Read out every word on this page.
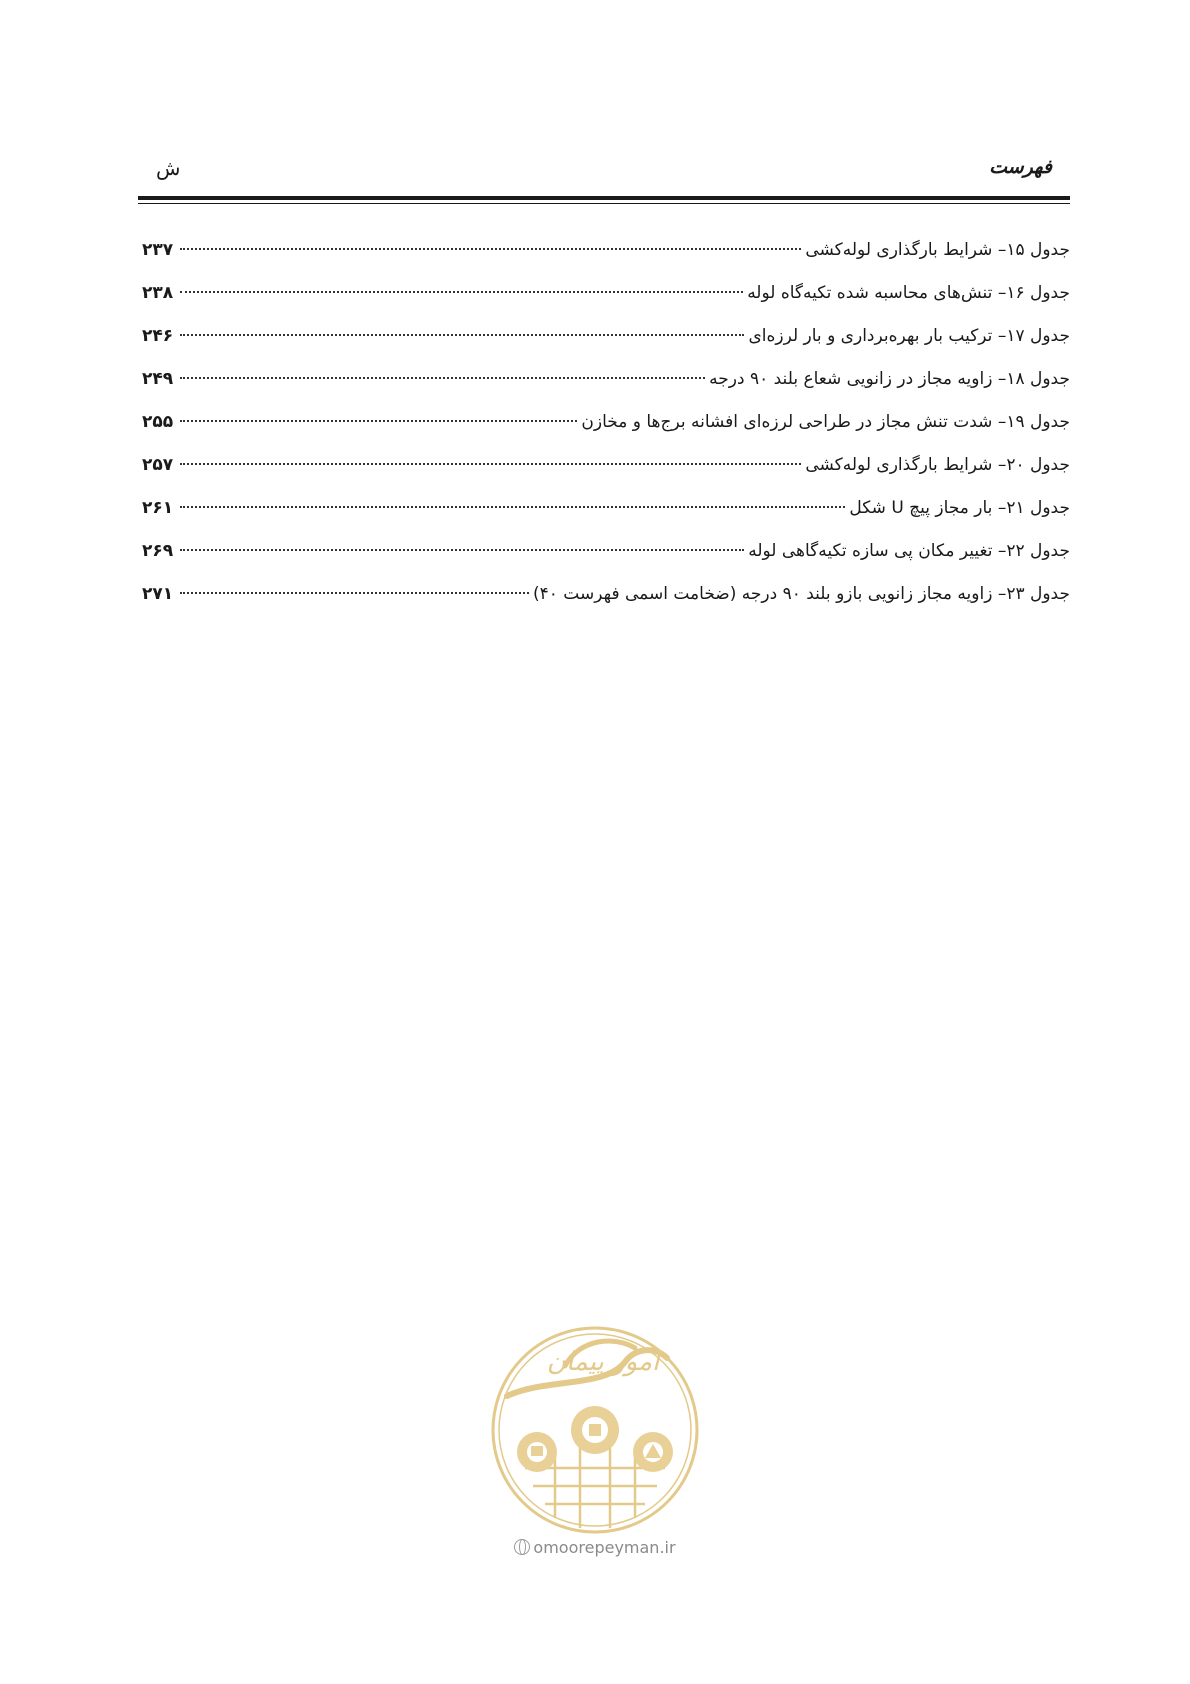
فهرست
ش
جدول ۱۵– شرایط بارگذاری لوله‌کشی
۲۳۷
جدول ۱۶– تنش‌های محاسبه شده تکیه‌گاه لوله
۲۳۸
جدول ۱۷– ترکیب بار بهره‌برداری و بار لرزه‌ای
۲۴۶
جدول ۱۸– زاویه مجاز در زانویی شعاع بلند ۹۰ درجه
۲۴۹
جدول ۱۹– شدت تنش مجاز در طراحی لرزه‌ای افشانه برج‌ها و مخازن
۲۵۵
جدول ۲۰– شرایط بارگذاری لوله‌کشی
۲۵۷
جدول ۲۱– بار مجاز پیچ U شکل
۲۶۱
جدول ۲۲– تغییر مکان پی سازه تکیه‌گاهی لوله
۲۶۹
جدول ۲۳– زاویه مجاز زانویی بازو بلند ۹۰ درجه (ضخامت اسمی فهرست ۴۰)
۲۷۱
امور پیمان
omoorepeyman.ir
